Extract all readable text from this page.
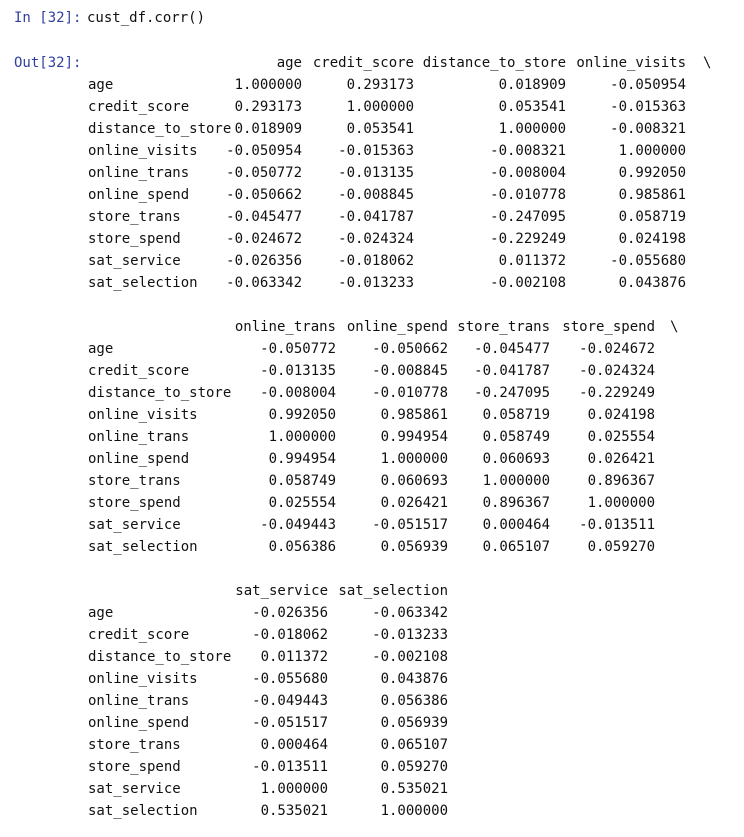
In [32]: cust_df.corr()
Out[32]:	age credit_score distance_to_store online_visits \
age	1.000000	0.293173	0.018909	-0.050954
credit_score	0.293173	1.000000	0.053541	-0.015363
distance_to_store 0.018909	0.053541	1.000000	-0.008321
online_visits -0.050954	-0.015363	-0.008321	1.000000
online_trans	-0.050772	-0.013135	-0.008004	0.992050
online_spend	-0.050662	-0.008845	-0.010778	0.985861
store_trans	-0.045477	-0.041787	-0.247095	0.058719
store_spend	-0.024672	-0.024324	-0.229249	0.024198
sat_service	-0.026356	-0.018062	0.011372	-0.055680
sat_selection -0.063342	-0.013233	-0.002108	0.043876
online_trans online_spend store_trans store_spend \
age	-0.050772	-0.050662 -0.045477 -0.024672
credit_score	-0.013135	-0.008845 -0.041787 -0.024324
distance_to_store -0.008004	-0.010778 -0.247095 -0.229249
online_visits	0.992050	0.985861 0.058719	0.024198
online_trans	1.000000	0.994954 0.058749	0.025554
online_spend	0.994954	1.000000 0.060693	0.026421
store_trans	0.058749	0.060693 1.000000	0.896367
store_spend	0.025554	0.026421 0.896367	1.000000
sat_service	-0.049443	-0.051517 0.000464 -0.013511
sat_selection	0.056386	0.056939 0.065107	0.059270
sat_service sat_selection
age	-0.026356	-0.063342
credit_score	-0.018062	-0.013233
distance_to_store 0.011372	-0.002108
online_visits	-0.055680	0.043876
online_trans	-0.049443	0.056386
online_spend	-0.051517	0.056939
store_trans	0.000464	0.065107
store_spend	-0.013511	0.059270
sat_service	1.000000	0.535021
sat_selection	0.535021	1.000000
